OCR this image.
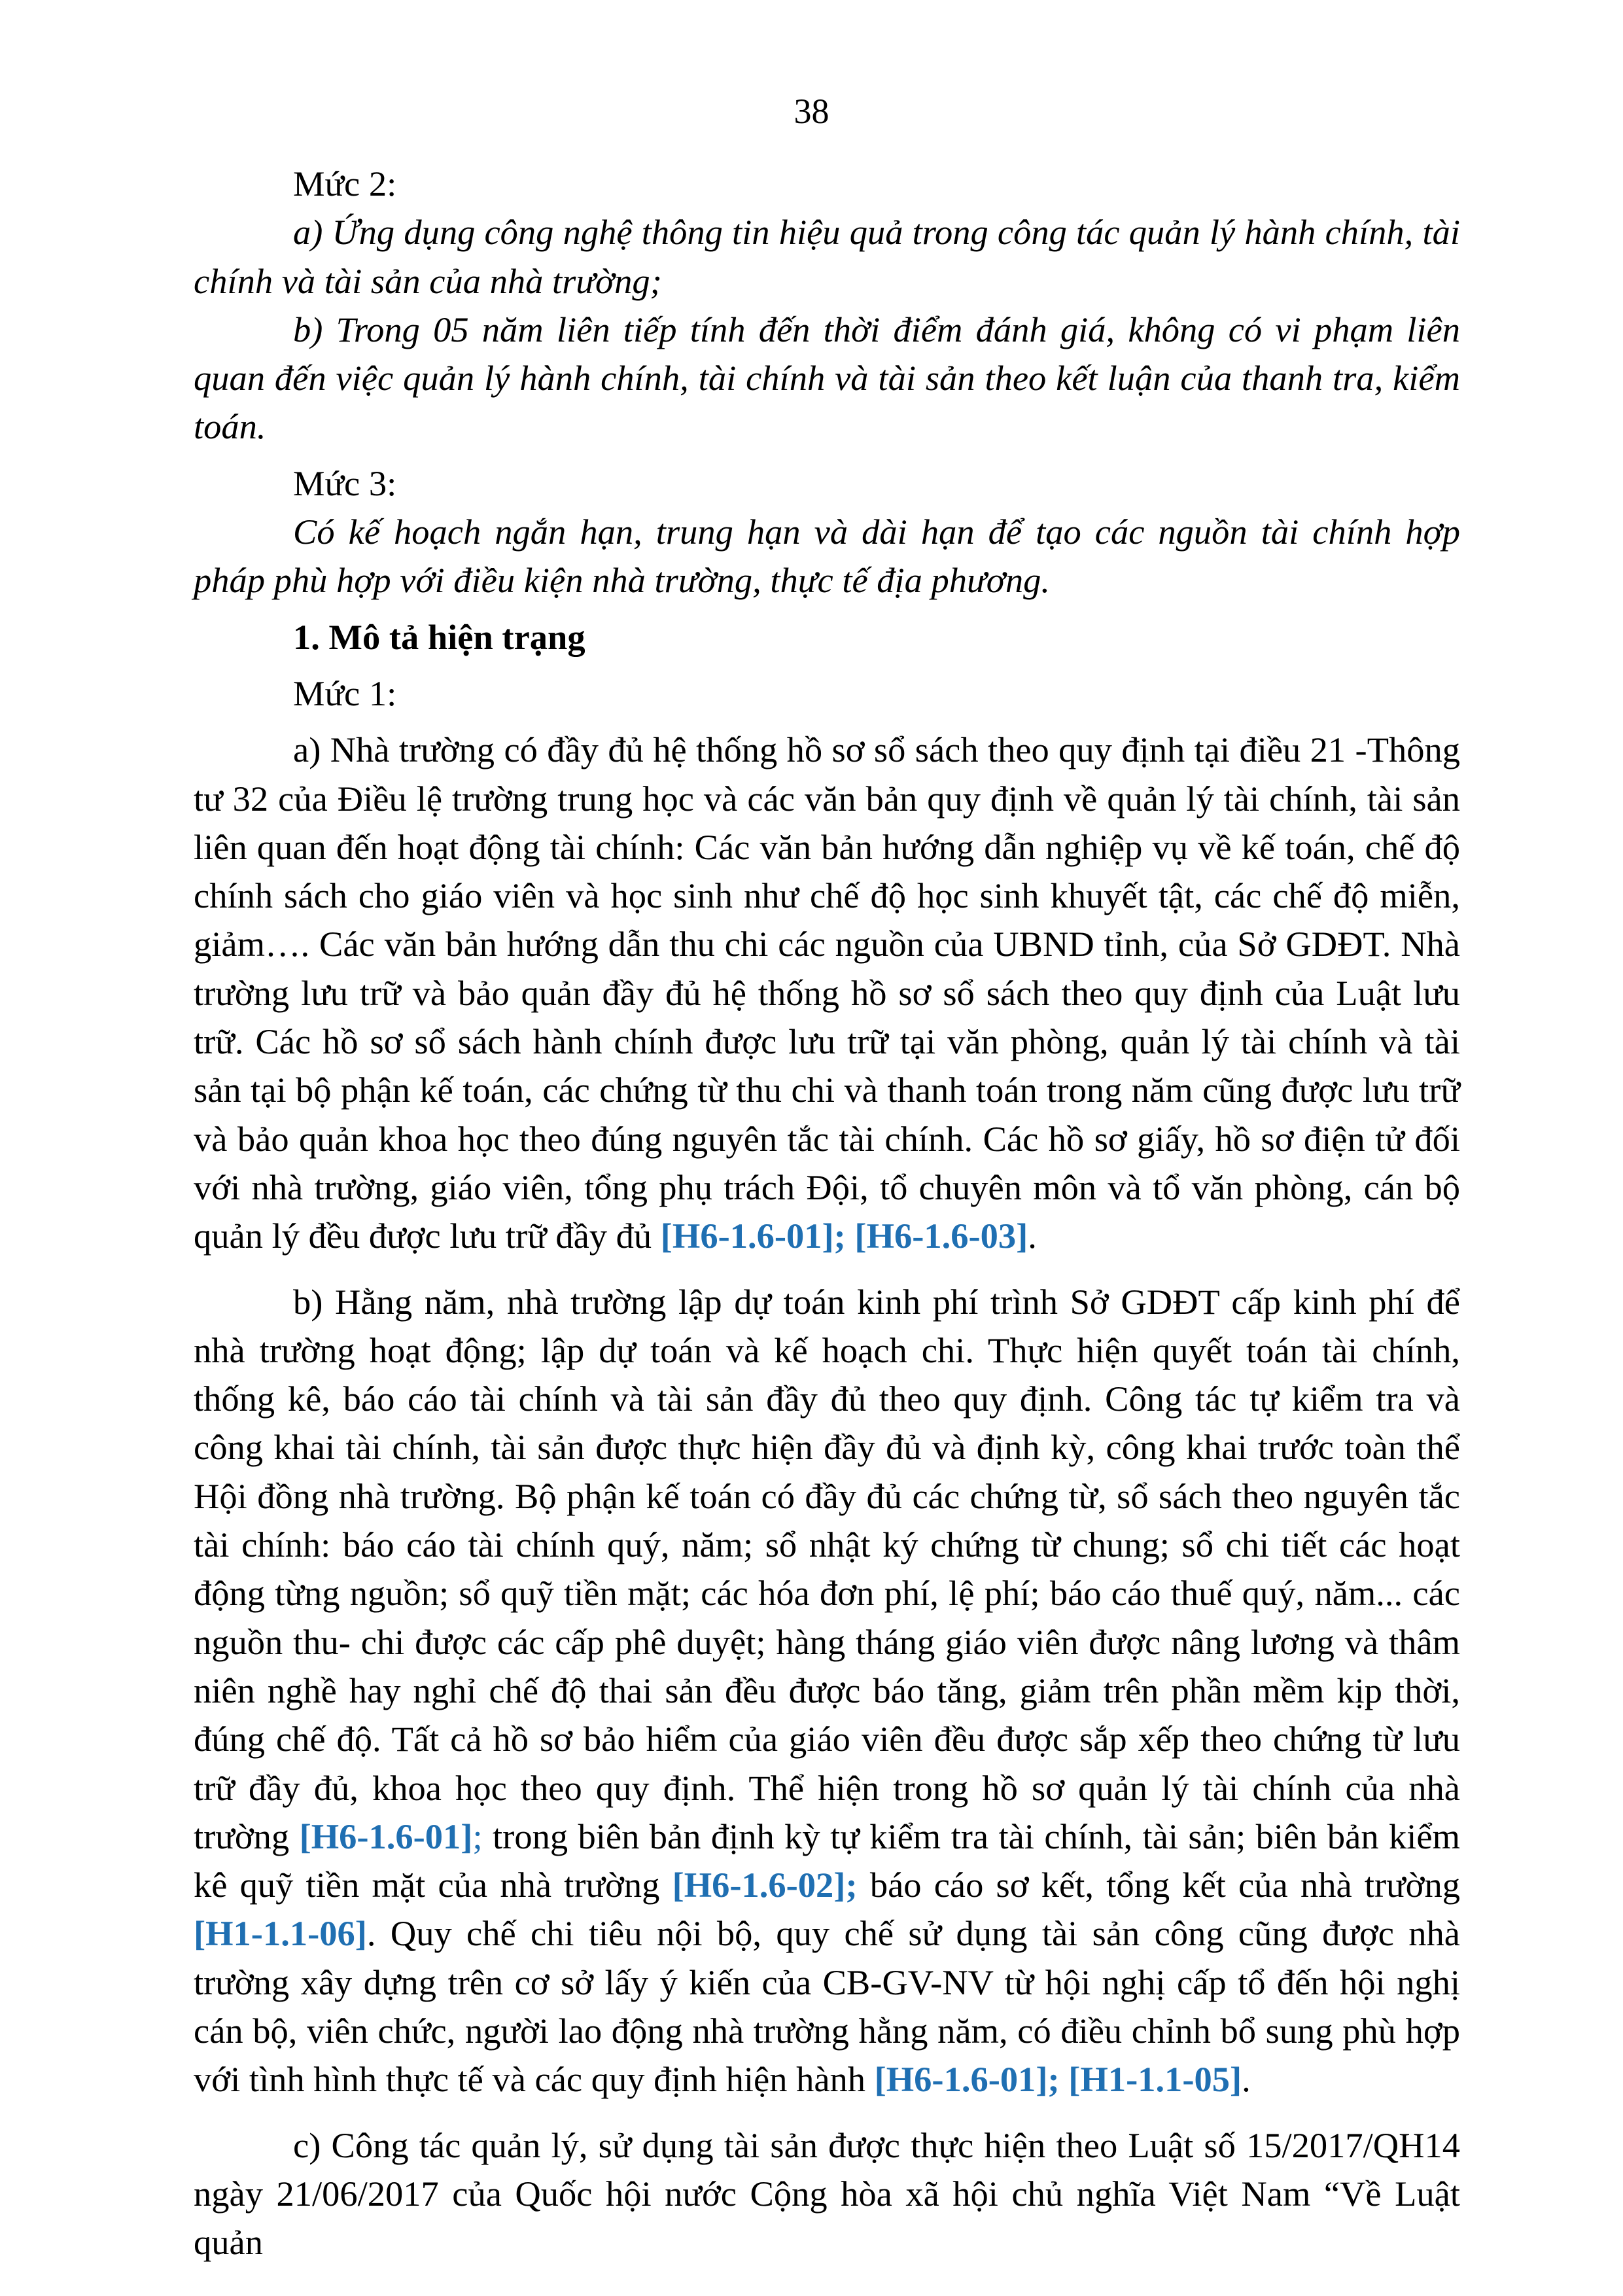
38

Mức 2:

a) Ứng dụng công nghệ thông tin hiệu quả trong công tác quản lý hành chính, tài chính và tài sản của nhà trường;

b) Trong 05 năm liên tiếp tính đến thời điểm đánh giá, không có vi phạm liên quan đến việc quản lý hành chính, tài chính và tài sản theo kết luận của thanh tra, kiểm toán.

Mức 3:

Có kế hoạch ngắn hạn, trung hạn và dài hạn để tạo các nguồn tài chính hợp pháp phù hợp với điều kiện nhà trường, thực tế địa phương.

1. Mô tả hiện trạng

Mức 1:

a) Nhà trường có đầy đủ hệ thống hồ sơ sổ sách theo quy định tại điều 21 -Thông tư 32 của Điều lệ trường trung học và các văn bản quy định về quản lý tài chính, tài sản liên quan đến hoạt động tài chính: Các văn bản hướng dẫn nghiệp vụ về kế toán, chế độ chính sách cho giáo viên và học sinh như chế độ học sinh khuyết tật, các chế độ miễn, giảm…. Các văn bản hướng dẫn thu chi các nguồn của UBND tỉnh, của Sở GDĐT. Nhà trường lưu trữ và bảo quản đầy đủ hệ thống hồ sơ sổ sách theo quy định của Luật lưu trữ. Các hồ sơ sổ sách hành chính được lưu trữ tại văn phòng, quản lý tài chính và tài sản tại bộ phận kế toán, các chứng từ thu chi và thanh toán trong năm cũng được lưu trữ và bảo quản khoa học theo đúng nguyên tắc tài chính. Các hồ sơ giấy, hồ sơ điện tử đối với nhà trường, giáo viên, tổng phụ trách Đội, tổ chuyên môn và tổ văn phòng, cán bộ quản lý đều được lưu trữ đầy đủ [H6-1.6-01]; [H6-1.6-03].

b) Hằng năm, nhà trường lập dự toán kinh phí trình Sở GDĐT cấp kinh phí để nhà trường hoạt động; lập dự toán và kế hoạch chi. Thực hiện quyết toán tài chính, thống kê, báo cáo tài chính và tài sản đầy đủ theo quy định. Công tác tự kiểm tra và công khai tài chính, tài sản được thực hiện đầy đủ và định kỳ, công khai trước toàn thể Hội đồng nhà trường. Bộ phận kế toán có đầy đủ các chứng từ, sổ sách theo nguyên tắc tài chính: báo cáo tài chính quý, năm; sổ nhật ký chứng từ chung; sổ chi tiết các hoạt động từng nguồn; sổ quỹ tiền mặt; các hóa đơn phí, lệ phí; báo cáo thuế quý, năm... các nguồn thu- chi được các cấp phê duyệt; hàng tháng giáo viên được nâng lương và thâm niên nghề hay nghỉ chế độ thai sản đều được báo tăng, giảm trên phần mềm kịp thời, đúng chế độ. Tất cả hồ sơ bảo hiểm của giáo viên đều được sắp xếp theo chứng từ lưu trữ đầy đủ, khoa học theo quy định. Thể hiện trong hồ sơ quản lý tài chính của nhà trường [H6-1.6-01]; trong biên bản định kỳ tự kiểm tra tài chính, tài sản; biên bản kiểm kê quỹ tiền mặt của nhà trường [H6-1.6-02]; báo cáo sơ kết, tổng kết của nhà trường [H1-1.1-06]. Quy chế chi tiêu nội bộ, quy chế sử dụng tài sản công cũng được nhà trường xây dựng trên cơ sở lấy ý kiến của CB-GV-NV từ hội nghị cấp tổ đến hội nghị cán bộ, viên chức, người lao động nhà trường hằng năm, có điều chỉnh bổ sung phù hợp với tình hình thực tế và các quy định hiện hành [H6-1.6-01]; [H1-1.1-05].

c) Công tác quản lý, sử dụng tài sản được thực hiện theo Luật số 15/2017/QH14 ngày 21/06/2017 của Quốc hội nước Cộng hòa xã hội chủ nghĩa Việt Nam “Về Luật quản
